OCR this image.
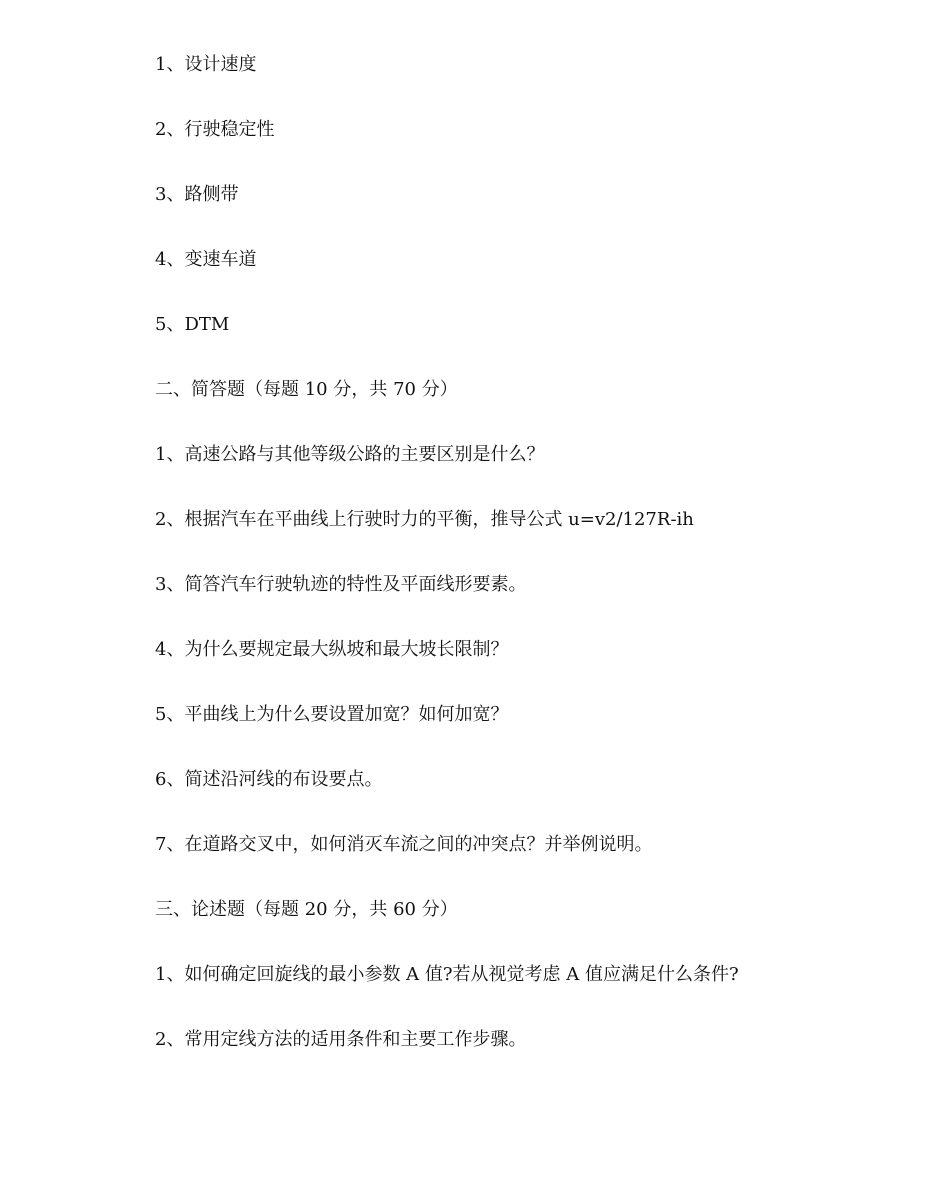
1、设计速度
2、行驶稳定性
3、路侧带
4、变速车道
5、DTM
二、简答题（每题 10 分，共 70 分）
1、高速公路与其他等级公路的主要区别是什么？
2、根据汽车在平曲线上行驶时力的平衡，推导公式 u=v2/127R-ih
3、简答汽车行驶轨迹的特性及平面线形要素。
4、为什么要规定最大纵坡和最大坡长限制？
5、平曲线上为什么要设置加宽？如何加宽？
6、简述沿河线的布设要点。
7、在道路交叉中，如何消灭车流之间的冲突点？并举例说明。
三、论述题（每题 20 分，共 60 分）
1、如何确定回旋线的最小参数 A 值?若从视觉考虑 A 值应满足什么条件?
2、常用定线方法的适用条件和主要工作步骤。
